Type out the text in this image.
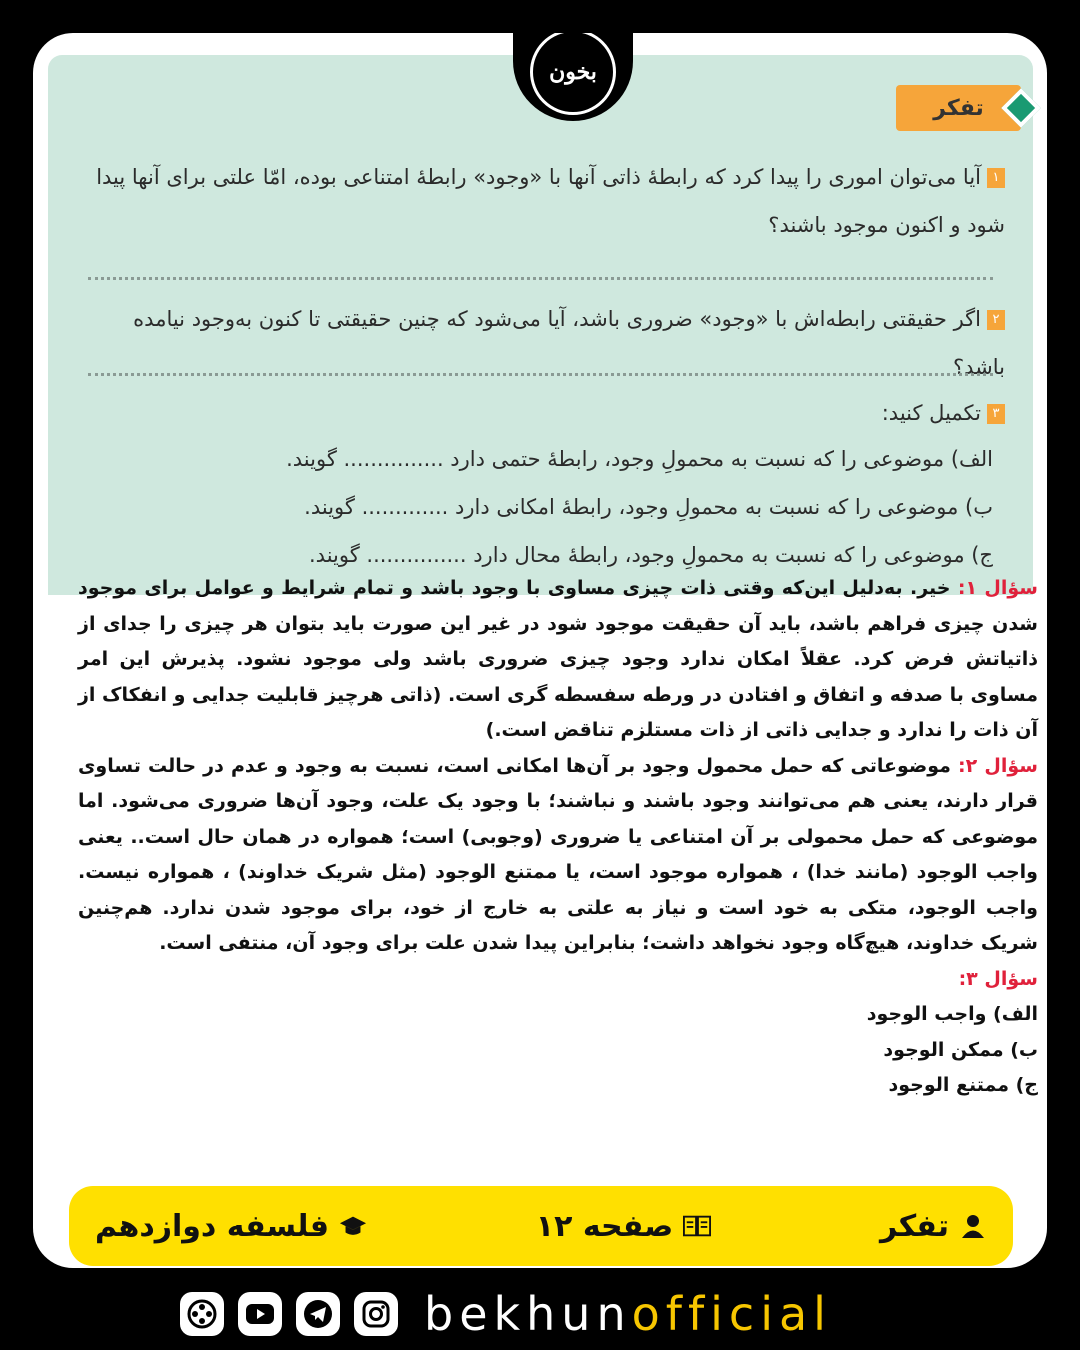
بخون
تفکر
۱آیا می‌توان اموری را پیدا کرد که رابطهٔ ذاتی آنها با «وجود» رابطهٔ امتناعی بوده، امّا علتی برای آنها پیدا
شود و اکنون موجود باشند؟
۲اگر حقیقتی رابطه‌اش با «وجود» ضروری باشد، آیا می‌شود که چنین حقیقتی تا کنون به‌وجود نیامده باشد؟
۳تکمیل کنید:
الف) موضوعی را که نسبت به محمولِ وجود، رابطهٔ حتمی دارد ............... گویند.
ب) موضوعی را که نسبت به محمولِ وجود، رابطهٔ امکانی دارد ............. گویند.
ج) موضوعی را که نسبت به محمولِ وجود، رابطهٔ محال دارد ............... گویند.

سؤال ۱: خیر. به‌دلیل این‌که وقتی ذات چیزی مساوی با وجود باشد و تمام شرایط و عوامل برای موجود شدن چیزی فراهم باشد، باید آن حقیقت موجود شود در غیر این صورت باید بتوان هر چیزی را جدای از ذاتیاتش فرض کرد. عقلاً امکان ندارد وجود چیزی ضروری باشد ولی موجود نشود. پذیرش این امر مساوی با صدفه و اتفاق و افتادن در ورطه سفسطه گری است. (ذاتی هرچیز قابلیت جدایی و انفکاک از آن ذات را ندارد و جدایی ذاتی از ذات مستلزم تناقض است.)

سؤال ۲: موضوعاتی که حمل محمول وجود بر آن‌ها امکانی است، نسبت به وجود و عدم در حالت تساوی قرار دارند، یعنی هم می‌توانند وجود باشند و نباشند؛ با وجود یک علت، وجود آن‌ها ضروری می‌شود. اما موضوعی که حمل محمولی بر آن امتناعی یا ضروری (وجوبی) است؛ همواره در همان حال است.. یعنی واجب الوجود (مانند خدا) ، همواره موجود است، یا ممتنع الوجود (مثل شریک خداوند) ، همواره نیست. واجب الوجود، متکی به خود است و نیاز به علتی به خارج از خود، برای موجود شدن ندارد. هم‌چنین شریک خداوند، هیچ‌گاه وجود نخواهد داشت؛ بنابراین پیدا شدن علت برای وجود آن، منتفی است.

سؤال ۳:

الف) واجب الوجود

ب) ممکن الوجود

ج) ممتنع الوجود

تفکر
صفحه ۱۲
فلسفه دوازدهم
bekhunofficial
